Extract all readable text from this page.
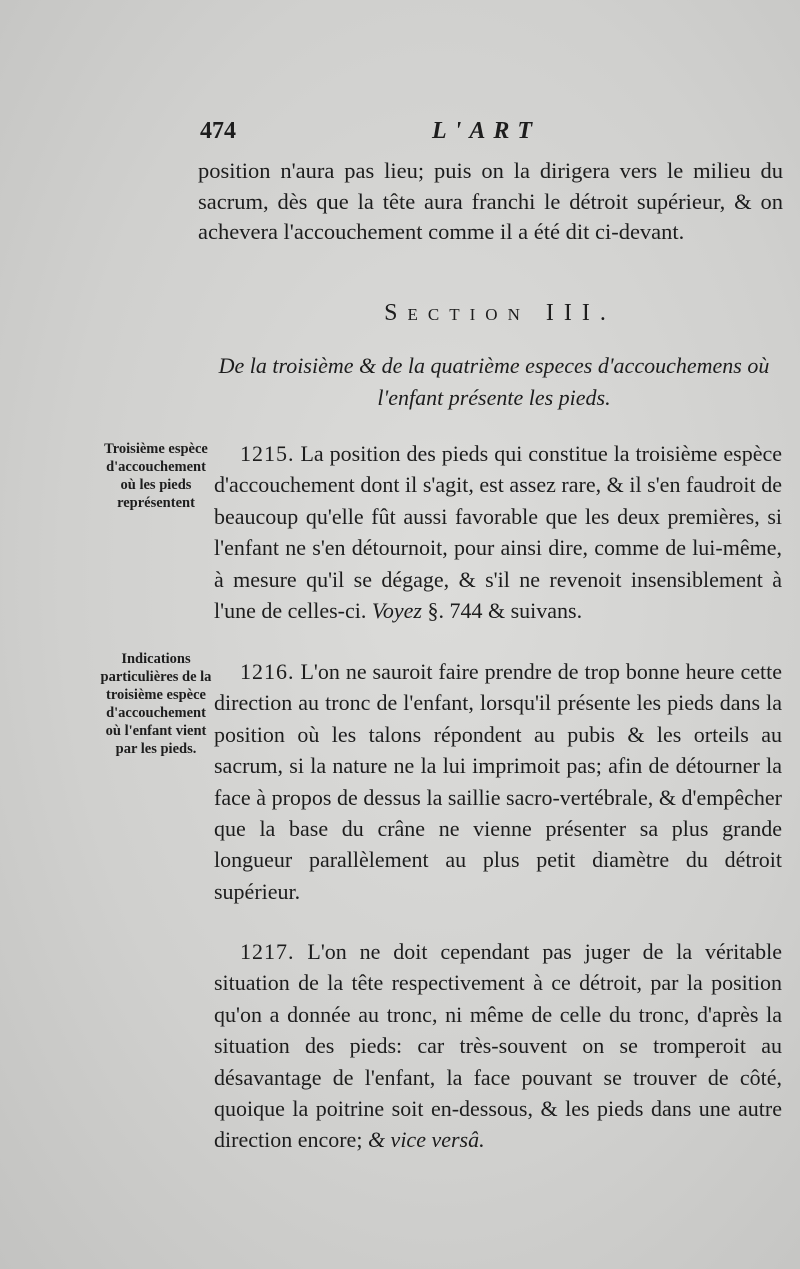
474	L'ART

position n'aura pas lieu; puis on la dirigera vers le milieu du sacrum, dès que la tête aura franchi le détroit supérieur, & on achevera l'accouchement comme il a été dit ci-devant.

Section III.
De la troisième & de la quatrième especes d'accouchemens où l'enfant présente les pieds.

Troisième espèce d'accouchement où les pieds représentent

1215. La position des pieds qui constitue la troisième espèce d'accouchement dont il s'agit, est assez rare, & il s'en faudroit de beaucoup qu'elle fût aussi favorable que les deux premières, si l'enfant ne s'en détournoit, pour ainsi dire, comme de lui-même, à mesure qu'il se dégage, & s'il ne revenoit insensiblement à l'une de celles-ci. Voyez §. 744 & suivans.

Indications particulières de la troisième espèce d'accouchement où l'enfant vient par les pieds.

1216. L'on ne sauroit faire prendre de trop bonne heure cette direction au tronc de l'enfant, lorsqu'il présente les pieds dans la position où les talons répondent au pubis & les orteils au sacrum, si la nature ne la lui imprimoit pas; afin de détourner la face à propos de dessus la saillie sacro-vertébrale, & d'empêcher que la base du crâne ne vienne présenter sa plus grande longueur parallèlement au plus petit diamètre du détroit supérieur.

1217. L'on ne doit cependant pas juger de la véritable situation de la tête respectivement à ce détroit, par la position qu'on a donnée au tronc, ni même de celle du tronc, d'après la situation des pieds: car très-souvent on se tromperoit au désavantage de l'enfant, la face pouvant se trouver de côté, quoique la poitrine soit en-dessous, & les pieds dans une autre direction encore; & vice versâ.
